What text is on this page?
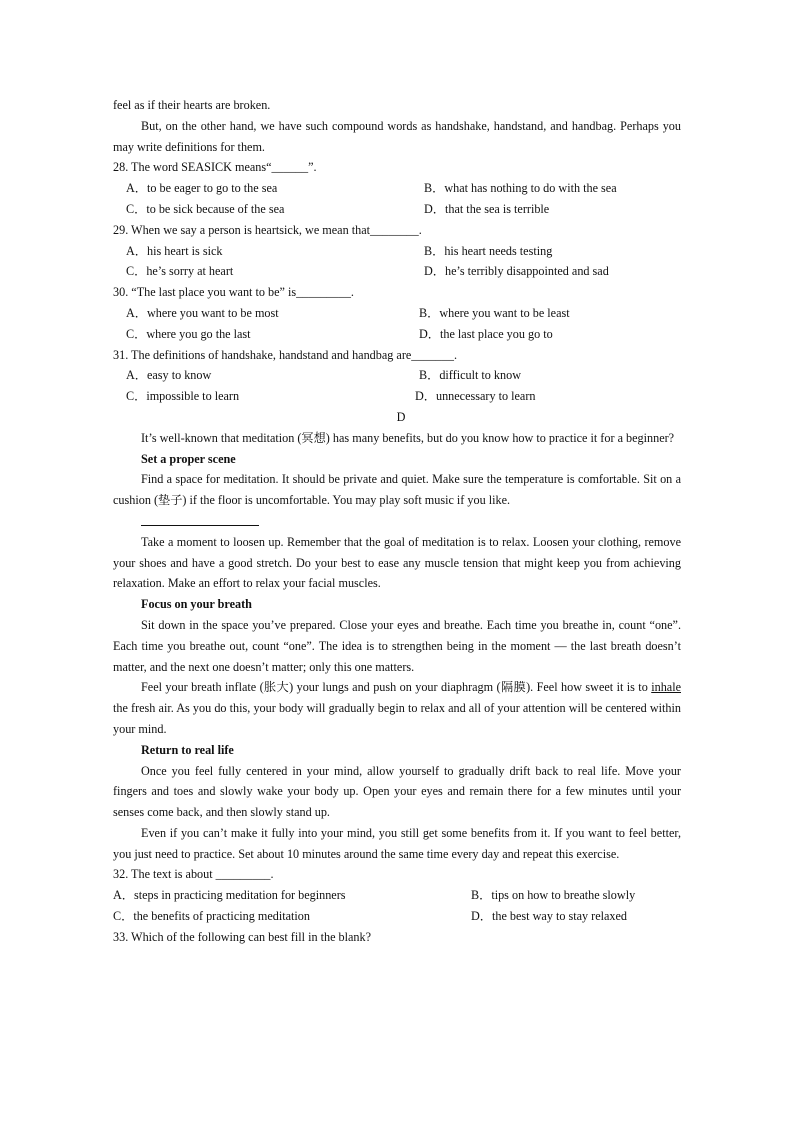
feel as if their hearts are broken.
But, on the other hand, we have such compound words as handshake, handstand, and handbag. Perhaps you may write definitions for them.
28. The word SEASICK means“______”.
A．to be eager to go to the sea	B．what has nothing to do with the sea
C．to be sick because of the sea	D．that the sea is terrible
29. When we say a person is heartsick, we mean that________.
A．his heart is sick	B．his heart needs testing
C．he’s sorry at heart	D．he’s terribly disappointed and sad
30. “The last place you want to be” is_________.
A．where you want to be most	B．where you want to be least
C．where you go the last	D．the last place you go to
31. The definitions of handshake, handstand and handbag are_______.
A．easy to know	B．difficult to know
C．impossible to learn	D．unnecessary to learn
D
It’s well-known that meditation (冥想) has many benefits, but do you know how to practice it for a beginner?
Set a proper scene
Find a space for meditation. It should be private and quiet. Make sure the temperature is comfortable. Sit on a cushion (垫子) if the floor is uncomfortable. You may play soft music if you like.
Take a moment to loosen up. Remember that the goal of meditation is to relax. Loosen your clothing, remove your shoes and have a good stretch. Do your best to ease any muscle tension that might keep you from achieving relaxation. Make an effort to relax your facial muscles.
Focus on your breath
Sit down in the space you’ve prepared. Close your eyes and breathe. Each time you breathe in, count “one”. Each time you breathe out, count “one”. The idea is to strengthen being in the moment — the last breath doesn’t matter, and the next one doesn’t matter; only this one matters.
Feel your breath inflate (胀大) your lungs and push on your diaphragm (隔膜). Feel how sweet it is to inhale the fresh air. As you do this, your body will gradually begin to relax and all of your attention will be centered within your mind.
Return to real life
Once you feel fully centered in your mind, allow yourself to gradually drift back to real life. Move your fingers and toes and slowly wake your body up. Open your eyes and remain there for a few minutes until your senses come back, and then slowly stand up.
Even if you can’t make it fully into your mind, you still get some benefits from it. If you want to feel better, you just need to practice. Set about 10 minutes around the same time every day and repeat this exercise.
32. The text is about _________.
A．steps in practicing meditation for beginners	B．tips on how to breathe slowly
C．the benefits of practicing meditation	D．the best way to stay relaxed
33. Which of the following can best fill in the blank?
